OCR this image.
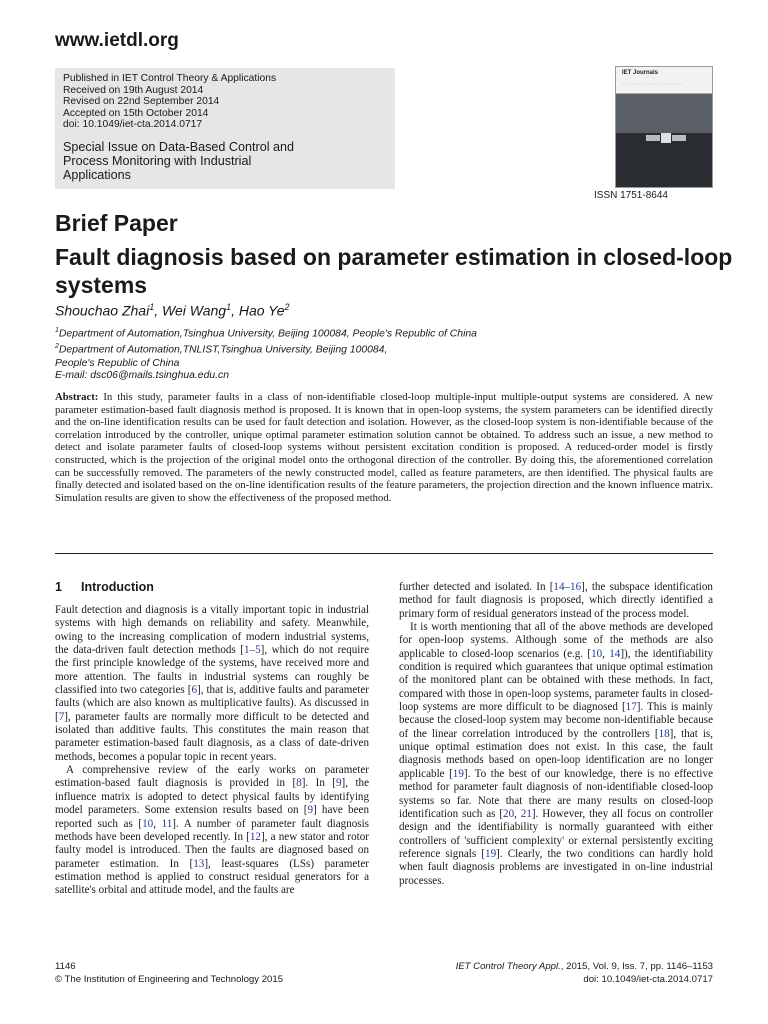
www.ietdl.org
Published in IET Control Theory & Applications
Received on 19th August 2014
Revised on 22nd September 2014
Accepted on 15th October 2014
doi: 10.1049/iet-cta.2014.0717
Special Issue on Data-Based Control and
Process Monitoring with Industrial
Applications
IET Journals
IET Control Theory & Applications
ISSN 1751-8644
Brief Paper
Fault diagnosis based on parameter estimation in closed-loop systems
Shouchao Zhai$^1$, Wei Wang$^1$, Hao Ye$^2$
$^1$Department of Automation,Tsinghua University, Beijing 100084, People's Republic of China
$^2$Department of Automation,TNLIST,Tsinghua University, Beijing 100084,
People's Republic of China
E-mail: dsc06@mails.tsinghua.edu.cn
Abstract: In this study, parameter faults in a class of non-identifiable closed-loop multiple-input multiple-output systems are considered. A new parameter estimation-based fault diagnosis method is proposed. It is known that in open-loop systems, the system parameters can be identified directly and the on-line identification results can be used for fault detection and isolation. However, as the closed-loop system is non-identifiable because of the correlation introduced by the controller, unique optimal parameter estimation solution cannot be obtained. To address such an issue, a new method to detect and isolate parameter faults of closed-loop systems without persistent excitation condition is proposed. A reduced-order model is firstly constructed, which is the projection of the original model onto the orthogonal direction of the controller. By doing this, the aforementioned correlation can be successfully removed. The parameters of the newly constructed model, called as feature parameters, are then identified. The physical faults are finally detected and isolated based on the on-line identification results of the feature parameters, the projection direction and the known influence matrix. Simulation results are given to show the effectiveness of the proposed method.
1 Introduction

Fault detection and diagnosis is a vitally important topic in industrial systems with high demands on reliability and safety. Meanwhile, owing to the increasing complication of modern industrial systems, the data-driven fault detection methods [1–5], which do not require the first principle knowledge of the systems, have received more and more attention. The faults in industrial systems can roughly be classified into two categories [6], that is, additive faults and parameter faults (which are also known as multiplicative faults). As discussed in [7], parameter faults are normally more difficult to be detected and isolated than additive faults. This constitutes the main reason that parameter estimation-based fault diagnosis, as a class of date-driven methods, becomes a popular topic in recent years.

A comprehensive review of the early works on parameter estimation-based fault diagnosis is provided in [8]. In [9], the influence matrix is adopted to detect physical faults by identifying model parameters. Some extension results based on [9] have been reported such as [10, 11]. A number of parameter fault diagnosis methods have been developed recently. In [12], a new stator and rotor faulty model is introduced. Then the faults are diagnosed based on parameter estimation. In [13], least-squares (LSs) parameter estimation method is applied to construct residual generators for a satellite's orbital and attitude model, and the faults are

further detected and isolated. In [14–16], the subspace identification method for fault diagnosis is proposed, which directly identified a primary form of residual generators instead of the process model.

It is worth mentioning that all of the above methods are developed for open-loop systems. Although some of the methods are also applicable to closed-loop scenarios (e.g. [10, 14]), the identifiability condition is required which guarantees that unique optimal estimation of the monitored plant can be obtained with these methods. In fact, compared with those in open-loop systems, parameter faults in closed-loop systems are more difficult to be diagnosed [17]. This is mainly because the closed-loop system may become non-identifiable because of the linear correlation introduced by the controllers [18], that is, unique optimal estimation does not exist. In this case, the fault diagnosis methods based on open-loop identification are no longer applicable [19]. To the best of our knowledge, there is no effective method for parameter fault diagnosis of non-identifiable closed-loop systems so far. Note that there are many results on closed-loop identification such as [20, 21]. However, they all focus on controller design and the identifiability is normally guaranteed with either controllers of 'sufficient complexity' or external persistently exciting reference signals [19]. Clearly, the two conditions can hardly hold when fault diagnosis problems are investigated in on-line industrial processes.

1146
© The Institution of Engineering and Technology 2015
IET Control Theory Appl., 2015, Vol. 9, Iss. 7, pp. 1146–1153
doi: 10.1049/iet-cta.2014.0717
